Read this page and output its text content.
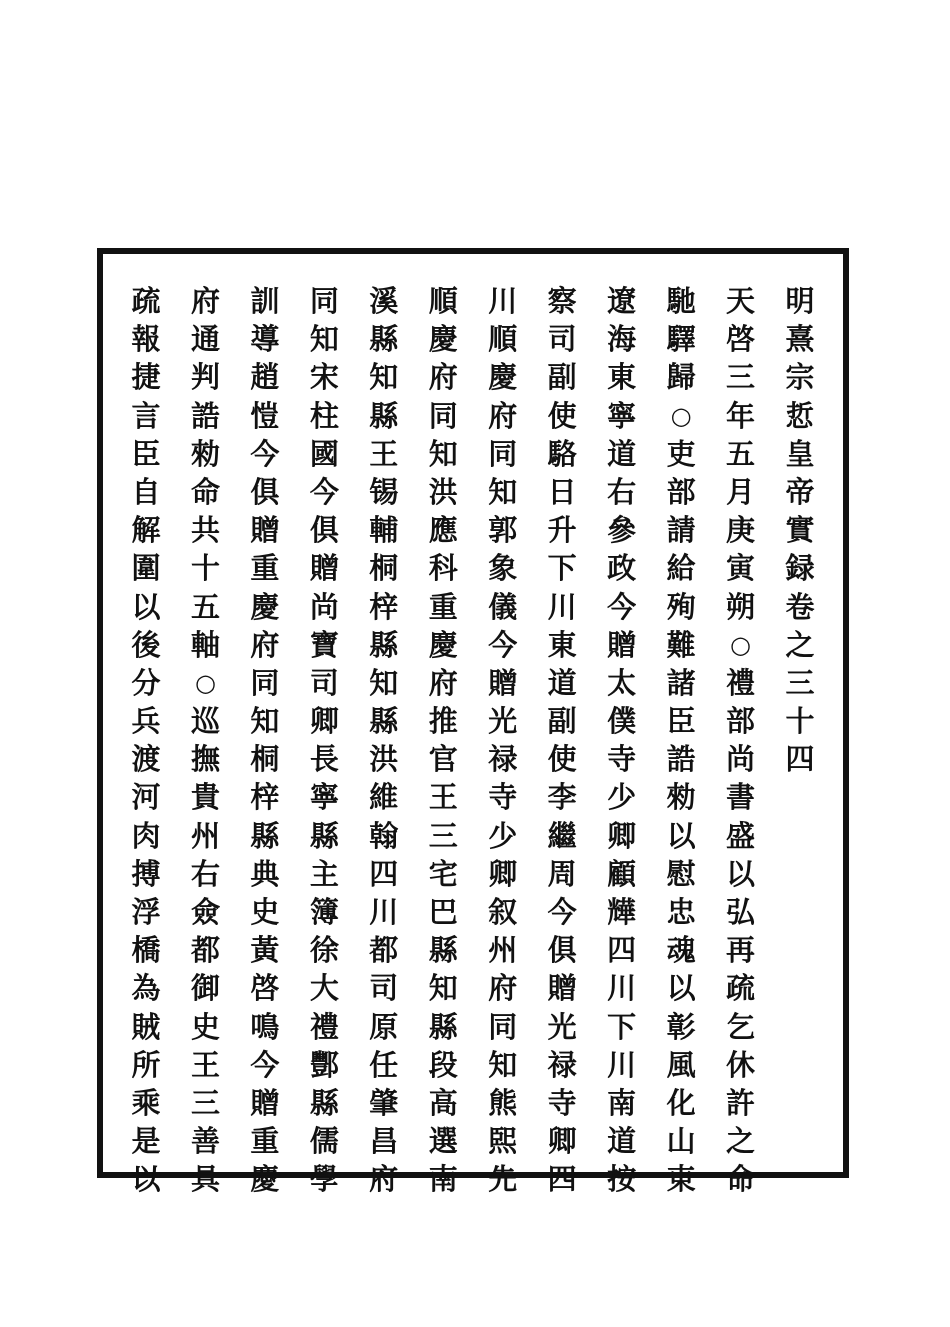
明
熹
宗
悊
皇
帝
實
録
卷
之
三
十
四
天
啓
三
年
五
月
庚
寅
朔
○
禮
部
尚
書
盛
以
弘
再
疏
乞
休
許
之
命
馳
驛
歸
○
吏
部
請
給
殉
難
諸
臣
誥
勑
以
慰
忠
魂
以
彰
風
化
山
東
遼
海
東
寧
道
右
參
政
今
贈
太
僕
寺
少
卿
顧
㒯
四
川
下
川
南
道
按
察
司
副
使
駱
日
升
下
川
東
道
副
使
李
繼
周
今
俱
贈
光
禄
寺
卿
四
川
順
慶
府
同
知
郭
象
儀
今
贈
光
禄
寺
少
卿
叙
州
府
同
知
熊
𤋮
先
順
慶
府
同
知
洪
應
科
重
慶
府
推
官
王
三
宅
巴
縣
知
縣
段
高
選
南
溪
縣
知
縣
王
锡
輔
桐
梓
縣
知
縣
洪
維
翰
四
川
都
司
原
任
肇
昌
府
同
知
宋
柱
國
今
俱
贈
尚
寶
司
卿
長
寧
縣
主
簿
徐
大
禮
酆
縣
儒
學
訓
導
趙
愷
今
俱
贈
重
慶
府
同
知
桐
梓
縣
典
史
黃
啓
鳴
今
贈
重
慶
府
通
判
誥
勑
命
共
十
五
軸
○
巡
撫
貴
州
右
僉
都
御
史
王
三
善
具
疏
報
捷
言
臣
自
解
圍
以
後
分
兵
渡
河
肉
搏
浮
橋
為
賊
所
乘
是
以
